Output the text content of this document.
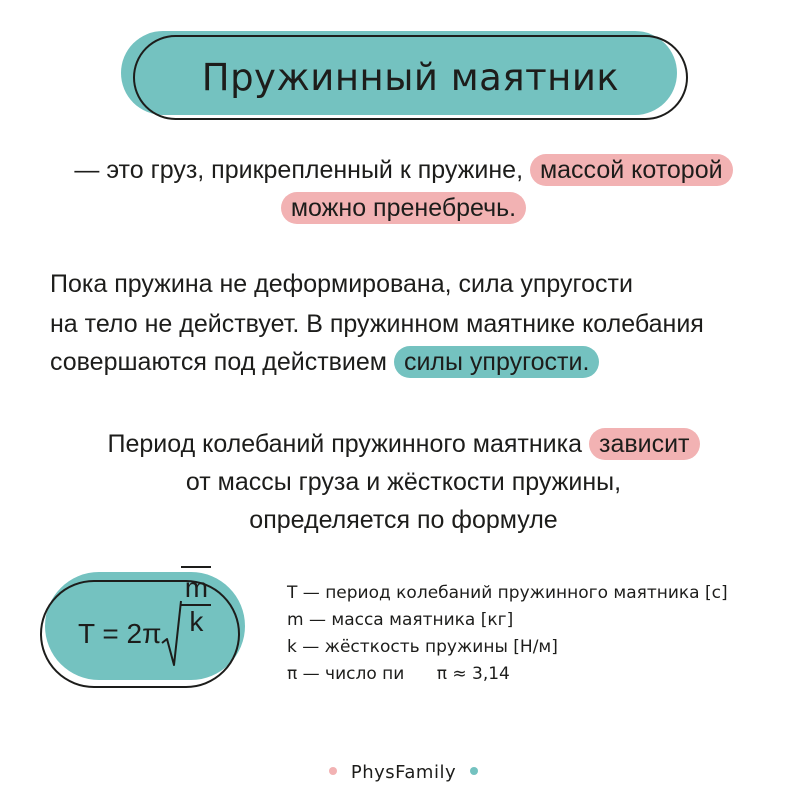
Пружинный маятник
— это груз, прикрепленный к пружине, массой которой
можно пренебречь.
Пока пружина не деформирована, сила упругости
на тело не действует. В пружинном маятнике колебания
совершаются под действием силы упругости.
Период колебаний пружинного маятника зависит
от массы груза и жёсткости пружины,
определяется по формуле
$T = 2\pi \frac{m}{k}$	T — период колебаний пружинного маятника [с]
m — масса маятника [кг]
k — жёсткость пружины [Н/м]
π — число пи      π ≈ 3,14
PhysFamily
